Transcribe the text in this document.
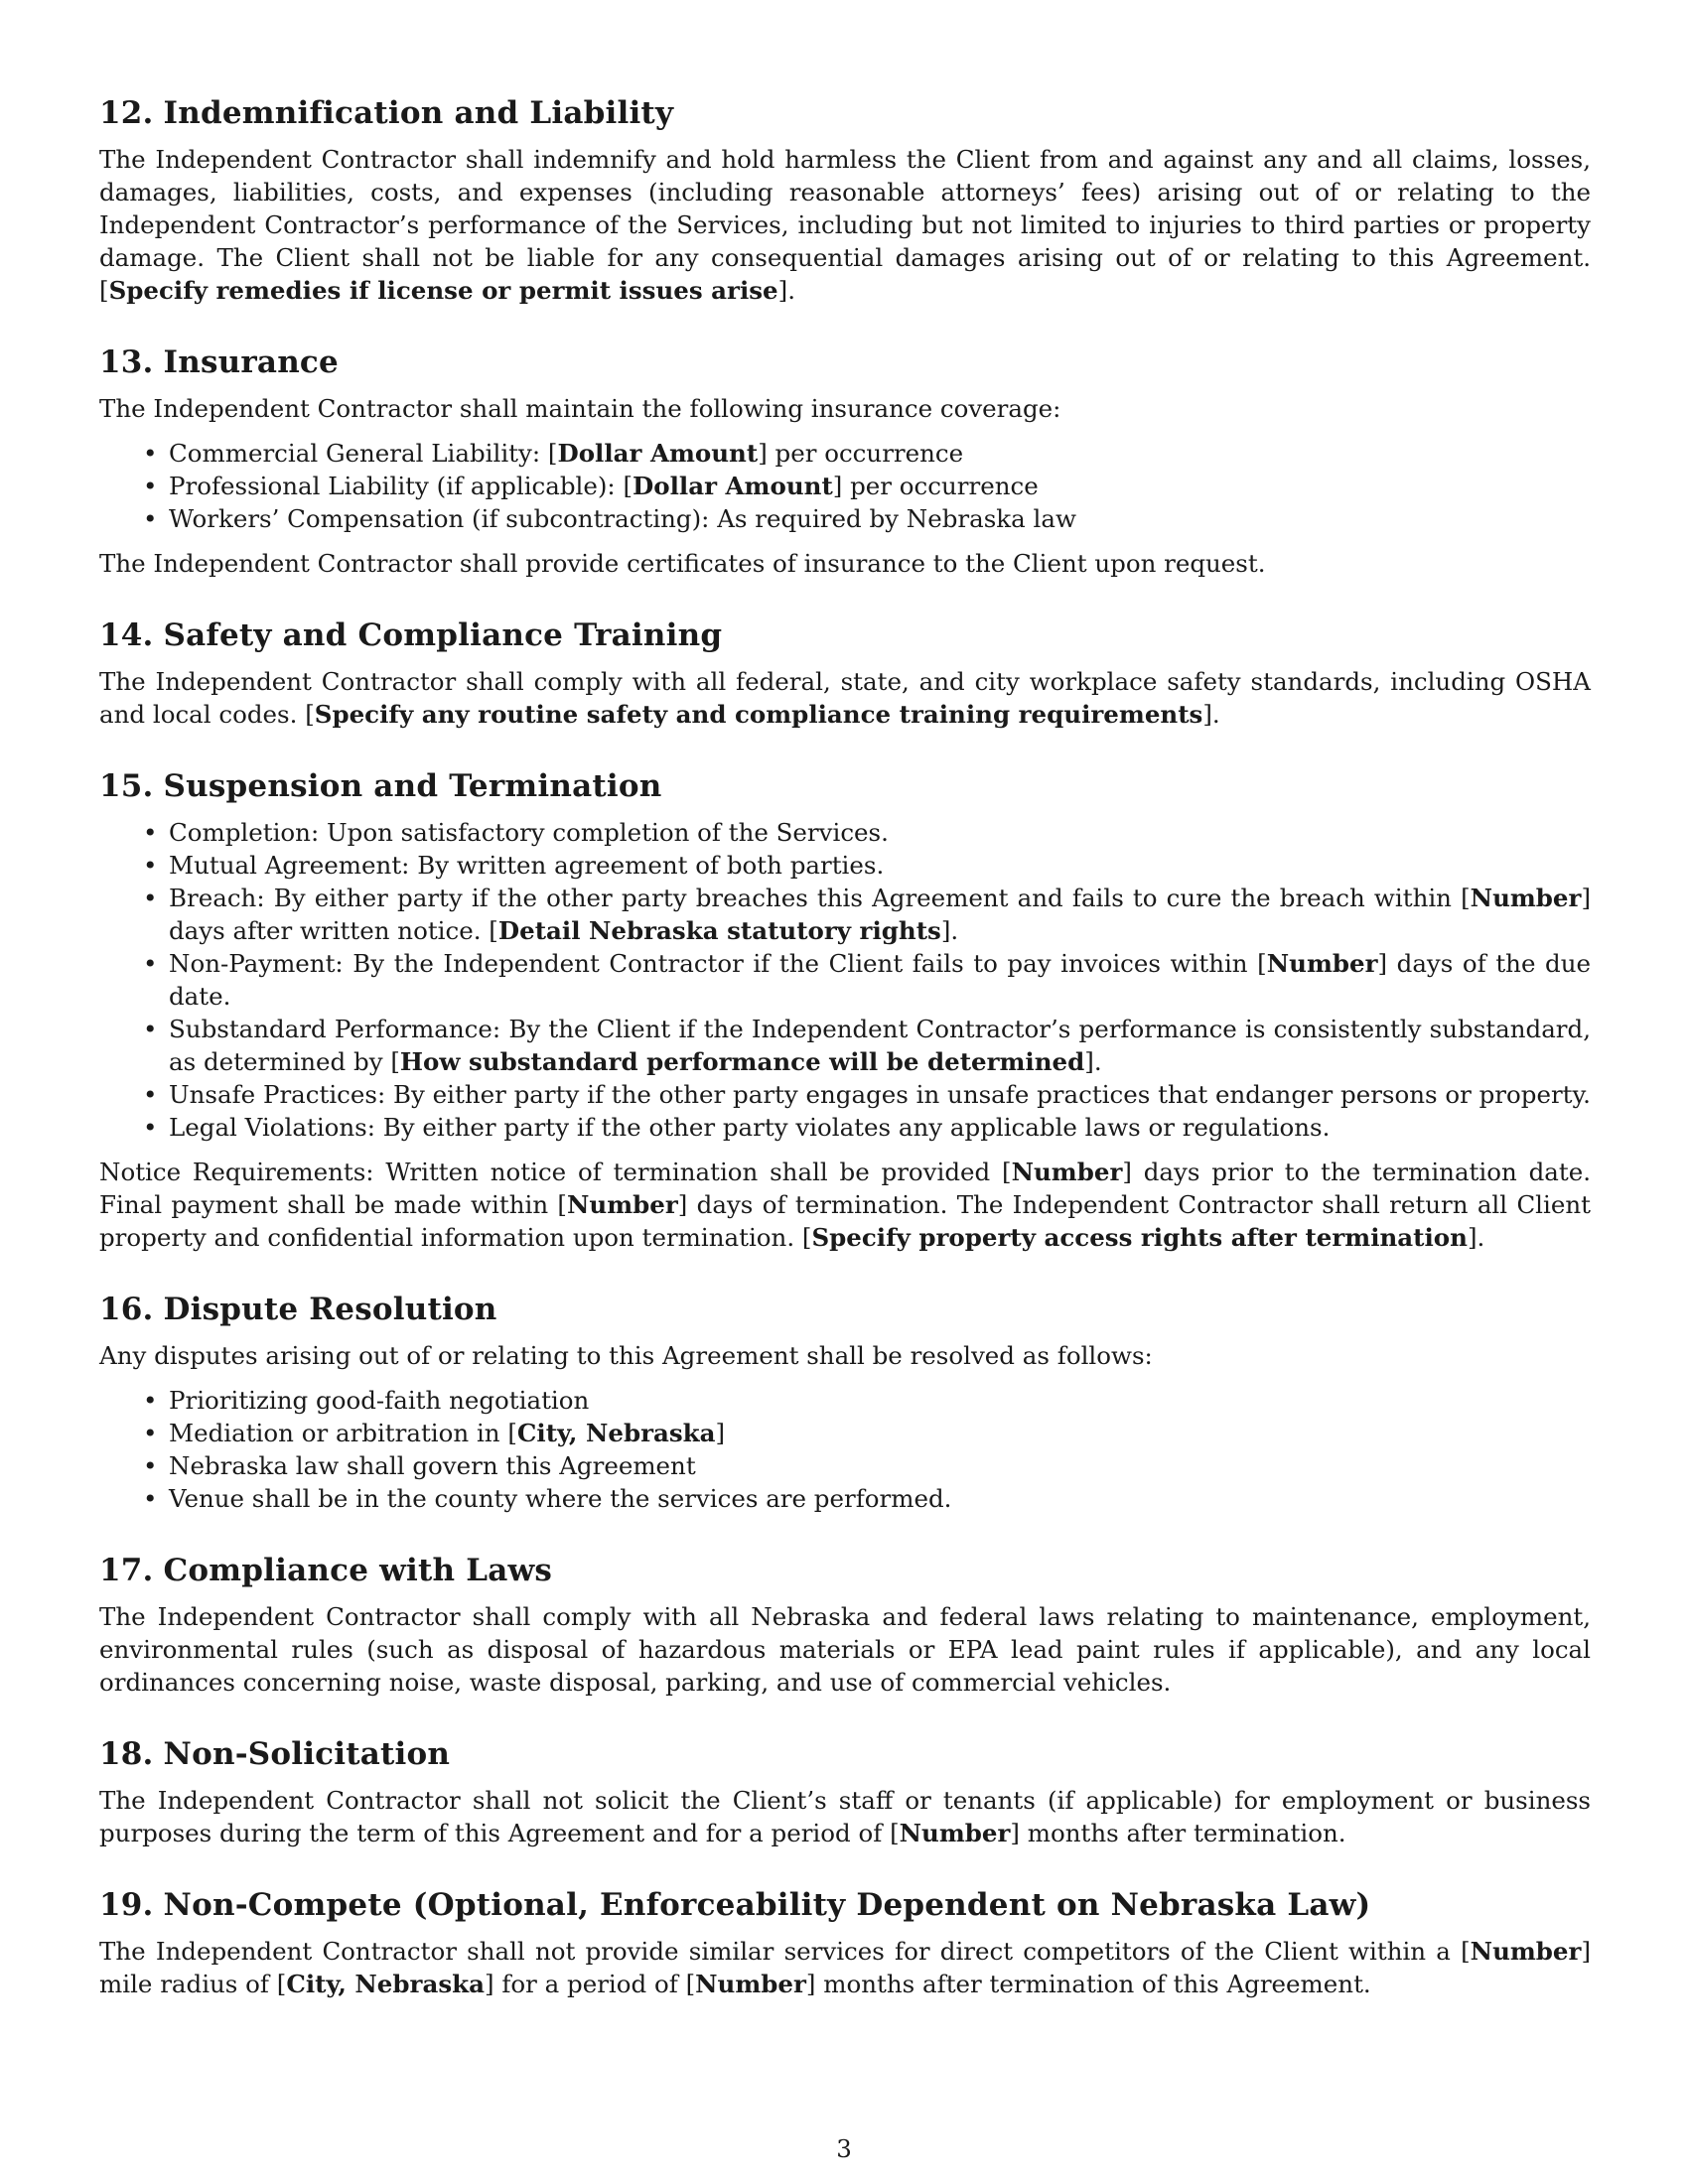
12. Indemnification and Liability

The Independent Contractor shall indemnify and hold harmless the Client from and against any and all claims, losses, damages, liabilities, costs, and expenses (including reasonable attorneys’ fees) arising out of or relating to the Independent Contractor’s performance of the Services, including but not limited to injuries to third parties or property damage. The Client shall not be liable for any consequential damages arising out of or relating to this Agreement. [Specify remedies if license or permit issues arise].

13. Insurance

The Independent Contractor shall maintain the following insurance coverage:

• Commercial General Liability: [Dollar Amount] per occurrence
• Professional Liability (if applicable): [Dollar Amount] per occurrence
• Workers’ Compensation (if subcontracting): As required by Nebraska law

The Independent Contractor shall provide certificates of insurance to the Client upon request.

14. Safety and Compliance Training

The Independent Contractor shall comply with all federal, state, and city workplace safety standards, including OSHA and local codes. [Specify any routine safety and compliance training requirements].

15. Suspension and Termination
• Completion: Upon satisfactory completion of the Services.
• Mutual Agreement: By written agreement of both parties.
• Breach: By either party if the other party breaches this Agreement and fails to cure the breach within [Number] days after written notice. [Detail Nebraska statutory rights].
• Non-Payment: By the Independent Contractor if the Client fails to pay invoices within [Number] days of the due date.
• Substandard Performance: By the Client if the Independent Contractor’s performance is consistently substandard, as determined by [How substandard performance will be determined].
• Unsafe Practices: By either party if the other party engages in unsafe practices that endanger persons or property.
• Legal Violations: By either party if the other party violates any applicable laws or regulations.

Notice Requirements: Written notice of termination shall be provided [Number] days prior to the termination date. Final payment shall be made within [Number] days of termination. The Independent Contractor shall return all Client property and confidential information upon termination. [Specify property access rights after termination].

16. Dispute Resolution

Any disputes arising out of or relating to this Agreement shall be resolved as follows:

• Prioritizing good-faith negotiation
• Mediation or arbitration in [City, Nebraska]
• Nebraska law shall govern this Agreement
• Venue shall be in the county where the services are performed.
17. Compliance with Laws

The Independent Contractor shall comply with all Nebraska and federal laws relating to maintenance, employment, environmental rules (such as disposal of hazardous materials or EPA lead paint rules if applicable), and any local ordinances concerning noise, waste disposal, parking, and use of commercial vehicles.

18. Non-Solicitation

The Independent Contractor shall not solicit the Client’s staff or tenants (if applicable) for employment or business purposes during the term of this Agreement and for a period of [Number] months after termination.

19. Non-Compete (Optional, Enforceability Dependent on Nebraska Law)

The Independent Contractor shall not provide similar services for direct competitors of the Client within a [Number] mile radius of [City, Nebraska] for a period of [Number] months after termination of this Agreement.

3
